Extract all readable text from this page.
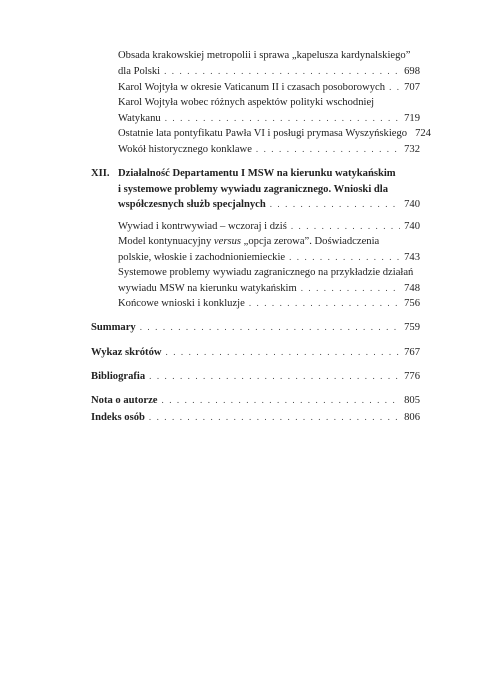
Obsada krakowskiej metropolii i sprawa „kapelusza kardynalskiego”
dla Polski . . .	698
Karol Wojtyła w okresie Vaticanum II i czasach posoborowych . . . 707
Karol Wojtyła wobec różnych aspektów polityki wschodniej
Watykanu . . .	719
Ostatnie lata pontyfikatu Pawła VI i posługi prymasa Wyszyńskiego 724
Wokół historycznego konklawe . . .	732
XII. Działalność Departamentu I MSW na kierunku watykańskim
i systemowe problemy wywiadu zagranicznego. Wnioski dla
współczesnych służb specjalnych . . .	740
Wywiad i kontrwywiad – wczoraj i dziś . . .	740
Model kontynuacyjny versus „opcja zerowa”. Doświadczenia
polskie, włoskie i zachodnioniemieckie . . .	743
Systemowe problemy wywiadu zagranicznego na przykładzie działań
wywiadu MSW na kierunku watykańskim . . .	748
Końcowe wnioski i konkluzje . . .	756
Summary . . .	759
Wykaz skrótów . . .	767
Bibliografia . . .	776
Nota o autorze . . .	805
Indeks osób . . .	806
